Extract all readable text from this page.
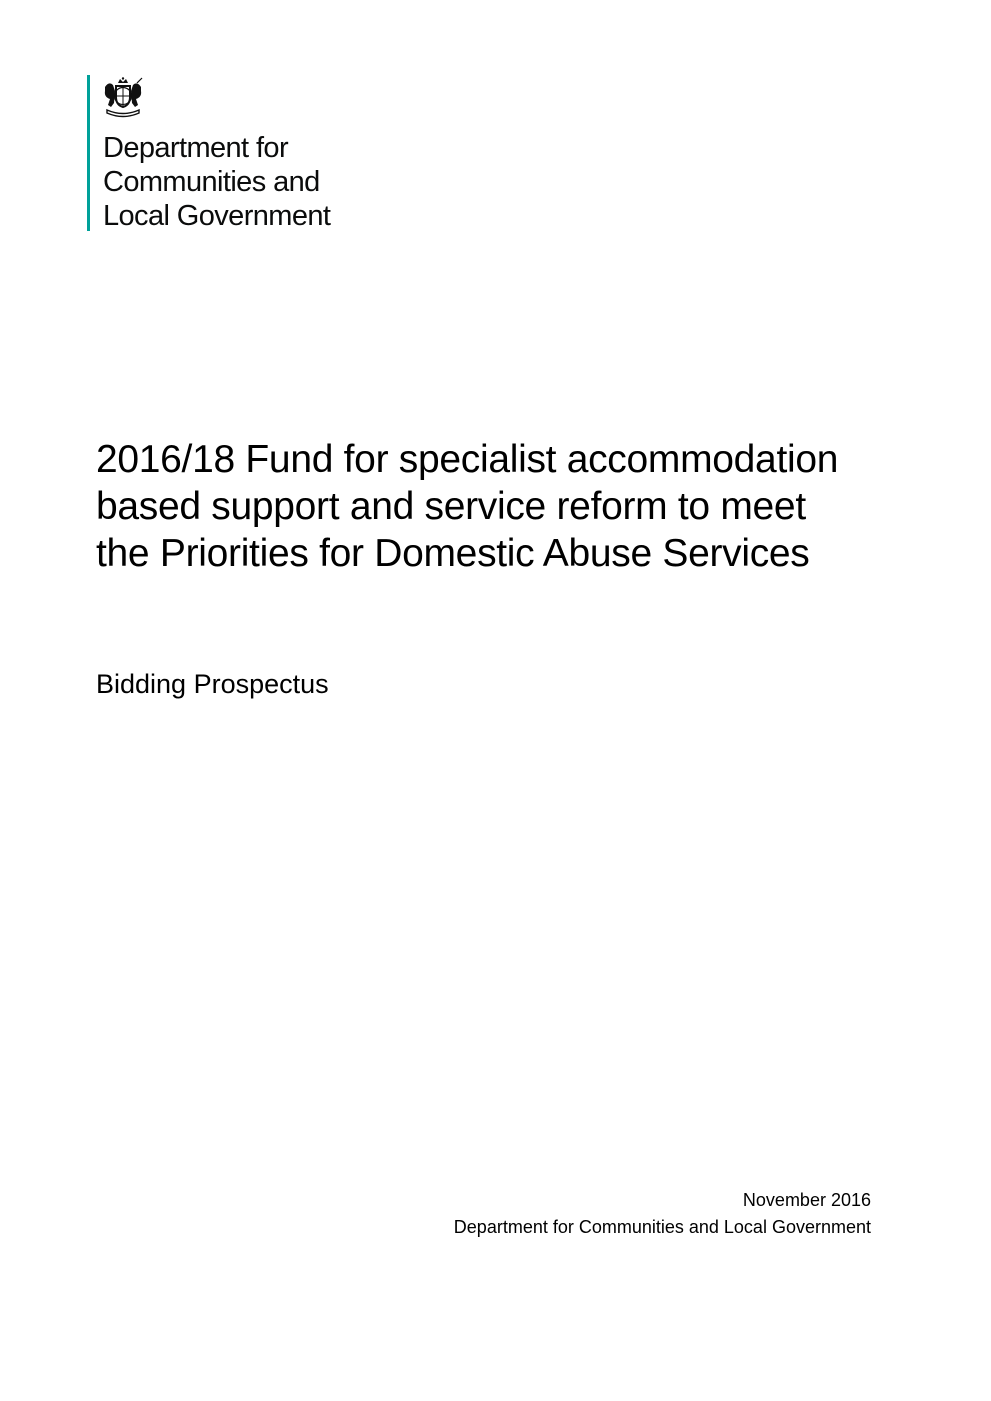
Department for
Communities and
Local Government
2016/18 Fund for specialist accommodation
based support and service reform to meet
the Priorities for Domestic Abuse Services
Bidding Prospectus
November 2016
Department for Communities and Local Government
